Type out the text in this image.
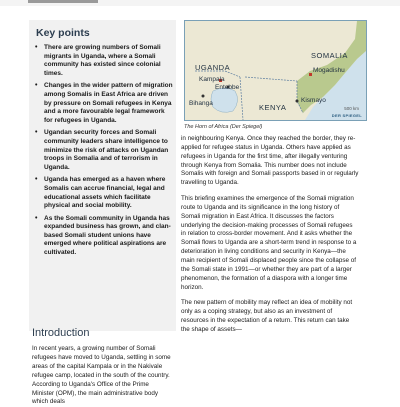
Key points
• There are growing numbers of Somali migrants in Uganda, where a Somali community has existed since colonial times.
• Changes in the wider pattern of migration among Somalis in East Africa are driven by pressure on Somali refugees in Kenya and a more favourable legal framework for refugees in Uganda.
• Ugandan security forces and Somali community leaders share intelligence to minimize the risk of attacks on Ugandan troops in Somalia and of terrorism in Uganda.
• Uganda has emerged as a haven where Somalis can accrue financial, legal and educational assets which facilitate physical and social mobility.
• As the Somali community in Uganda has expanded business has grown, and clan-based Somali student unions have emerged where political aspirations are cultivated.
SOMALIA
UGANDA
Kampala
Entebbe
Bihanga
Mogadishu
KENYA
Kismayo
500 km
DER SPIEGEL
The Horn of Africa (Der Spiegel)

in neighbouring Kenya. Once they reached the border, they re-applied for refugee status in Uganda. Others have applied as refugees in Uganda for the first time, after illegally venturing through Kenya from Somalia. This number does not include Somalis with foreign and Somali passports based in or regularly travelling to Uganda.

This briefing examines the emergence of the Somali migration route to Uganda and its significance in the long history of Somali migration in East Africa. It discusses the factors underlying the decision-making processes of Somali refugees in relation to cross-border movement. And it asks whether the Somali flows to Uganda are a short-term trend in response to a deterioration in living conditions and security in Kenya—the main recipient of Somali displaced people since the collapse of the Somali state in 1991—or whether they are part of a larger phenomenon, the formation of a diaspora with a longer time horizon.

The new pattern of mobility may reflect an idea of mobility not only as a coping strategy, but also as an investment of resources in the expectation of a return. This return can take the shape of assets—

Introduction
In recent years, a growing number of Somali refugees have moved to Uganda, settling in some areas of the capital Kampala or in the Nakivale refugee camp, located in the south of the country. According to Uganda's Office of the Prime Minister (OPM), the main administrative body which deals
